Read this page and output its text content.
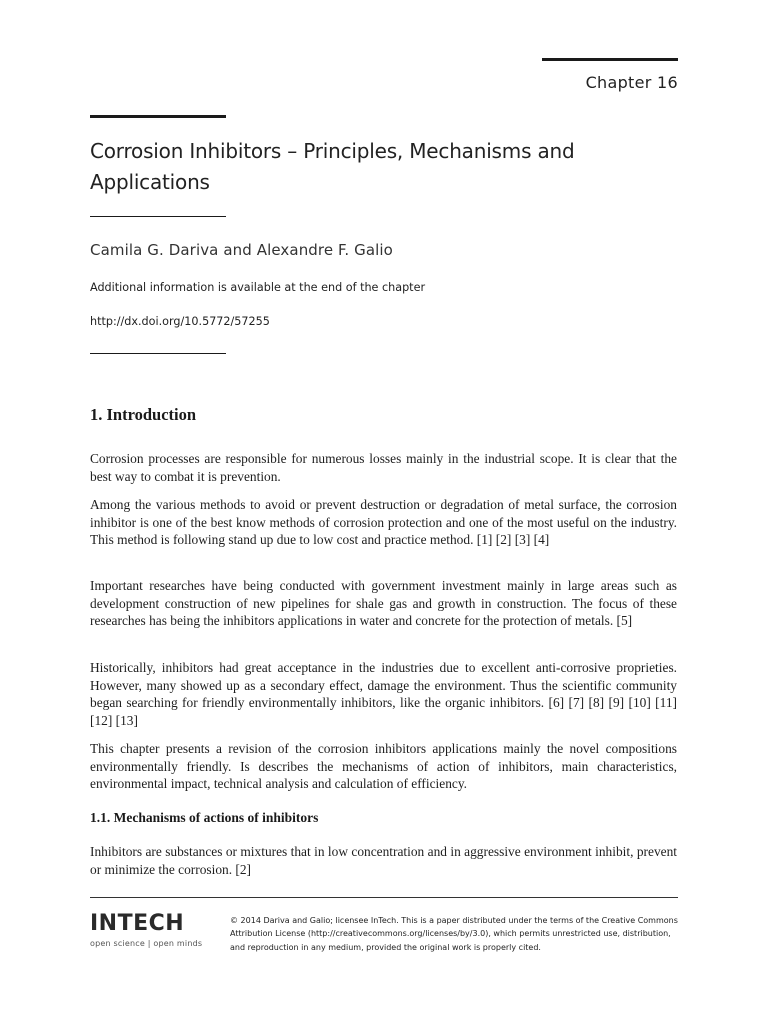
Chapter 16
Corrosion Inhibitors – Principles, Mechanisms and Applications
Camila G. Dariva and Alexandre F. Galio
Additional information is available at the end of the chapter
http://dx.doi.org/10.5772/57255
1. Introduction

Corrosion processes are responsible for numerous losses mainly in the industrial scope. It is clear that the best way to combat it is prevention.

Among the various methods to avoid or prevent destruction or degradation of metal surface, the corrosion inhibitor is one of the best know methods of corrosion protection and one of the most useful on the industry. This method is following stand up due to low cost and practice method. [1] [2] [3] [4]

Important researches have being conducted with government investment mainly in large areas such as development construction of new pipelines for shale gas and growth in construction. The focus of these researches has being the inhibitors applications in water and concrete for the protection of metals. [5]

Historically, inhibitors had great acceptance in the industries due to excellent anti-corrosive proprieties. However, many showed up as a secondary effect, damage the environment. Thus the scientific community began searching for friendly environmentally inhibitors, like the organic inhibitors. [6] [7] [8] [9] [10] [11] [12] [13]

This chapter presents a revision of the corrosion inhibitors applications mainly the novel compositions environmentally friendly. Is describes the mechanisms of action of inhibitors, main characteristics, environmental impact, technical analysis and calculation of efficiency.

1.1. Mechanisms of actions of inhibitors

Inhibitors are substances or mixtures that in low concentration and in aggressive environment inhibit, prevent or minimize the corrosion. [2]

INTECH
open science | open minds
© 2014 Dariva and Galio; licensee InTech. This is a paper distributed under the terms of the Creative Commons Attribution License (http://creativecommons.org/licenses/by/3.0), which permits unrestricted use, distribution, and reproduction in any medium, provided the original work is properly cited.
